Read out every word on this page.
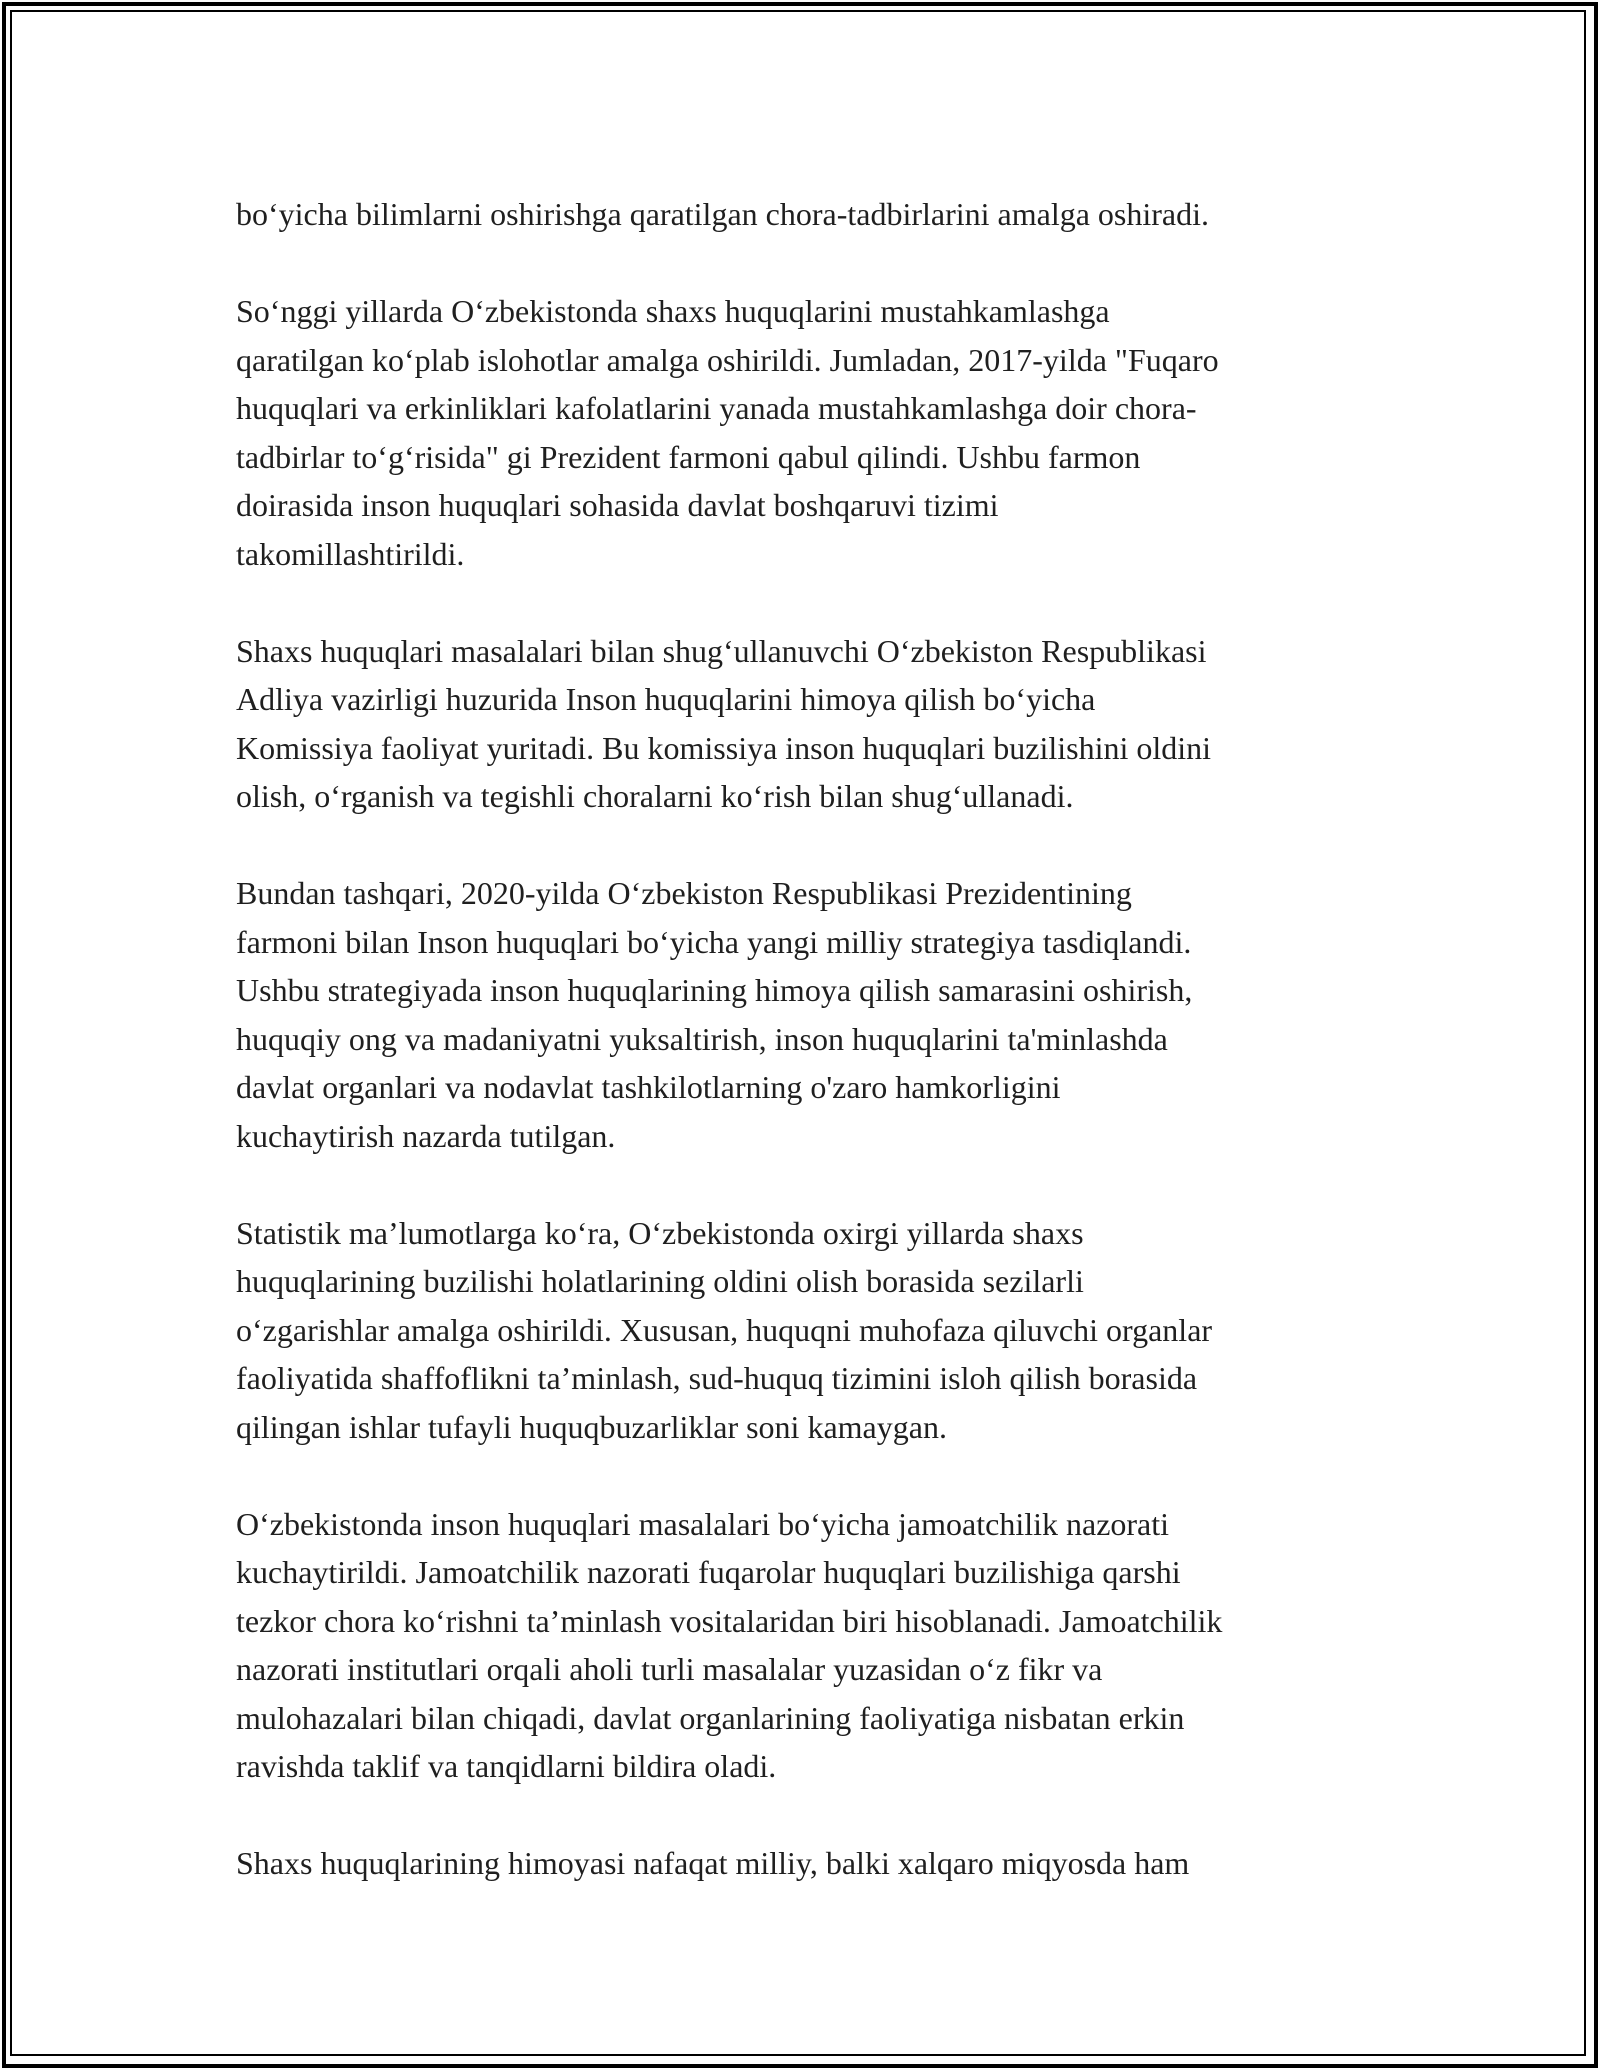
bo‘yicha bilimlarni oshirishga qaratilgan chora-tadbirlarini amalga oshiradi.

So‘nggi yillarda O‘zbekistonda shaxs huquqlarini mustahkamlashga
qaratilgan ko‘plab islohotlar amalga oshirildi. Jumladan, 2017-yilda "Fuqaro
huquqlari va erkinliklari kafolatlarini yanada mustahkamlashga doir chora-
tadbirlar to‘g‘risida" gi Prezident farmoni qabul qilindi. Ushbu farmon
doirasida inson huquqlari sohasida davlat boshqaruvi tizimi
takomillashtirildi.

Shaxs huquqlari masalalari bilan shug‘ullanuvchi O‘zbekiston Respublikasi
Adliya vazirligi huzurida Inson huquqlarini himoya qilish bo‘yicha
Komissiya faoliyat yuritadi. Bu komissiya inson huquqlari buzilishini oldini
olish, o‘rganish va tegishli choralarni ko‘rish bilan shug‘ullanadi.

Bundan tashqari, 2020-yilda O‘zbekiston Respublikasi Prezidentining
farmoni bilan Inson huquqlari bo‘yicha yangi milliy strategiya tasdiqlandi.
Ushbu strategiyada inson huquqlarining himoya qilish samarasini oshirish,
huquqiy ong va madaniyatni yuksaltirish, inson huquqlarini ta'minlashda
davlat organlari va nodavlat tashkilotlarning o'zaro hamkorligini
kuchaytirish nazarda tutilgan.

Statistik ma’lumotlarga ko‘ra, O‘zbekistonda oxirgi yillarda shaxs
huquqlarining buzilishi holatlarining oldini olish borasida sezilarli
o‘zgarishlar amalga oshirildi. Xususan, huquqni muhofaza qiluvchi organlar
faoliyatida shaffoflikni ta’minlash, sud-huquq tizimini isloh qilish borasida
qilingan ishlar tufayli huquqbuzarliklar soni kamaygan.

O‘zbekistonda inson huquqlari masalalari bo‘yicha jamoatchilik nazorati
kuchaytirildi. Jamoatchilik nazorati fuqarolar huquqlari buzilishiga qarshi
tezkor chora ko‘rishni ta’minlash vositalaridan biri hisoblanadi. Jamoatchilik
nazorati institutlari orqali aholi turli masalalar yuzasidan o‘z fikr va
mulohazalari bilan chiqadi, davlat organlarining faoliyatiga nisbatan erkin
ravishda taklif va tanqidlarni bildira oladi.

Shaxs huquqlarining himoyasi nafaqat milliy, balki xalqaro miqyosda ham
